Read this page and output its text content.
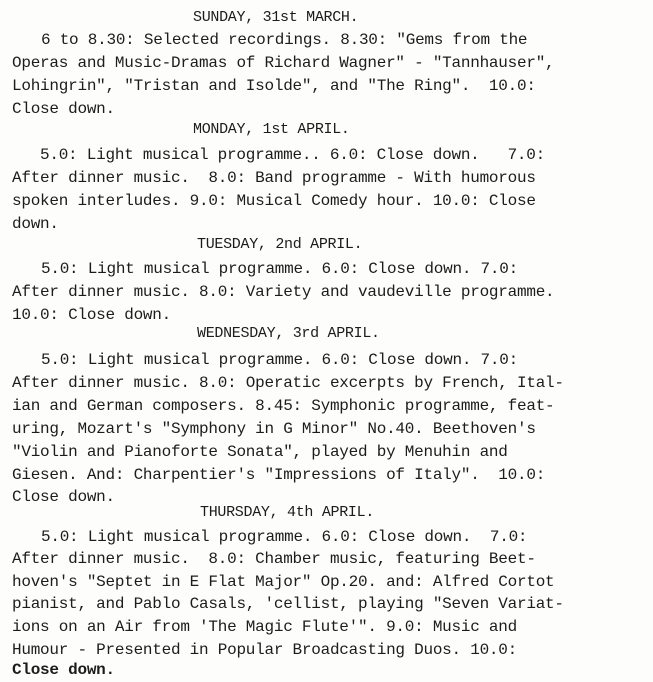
SUNDAY, 31st MARCH.
6 to 8.30: Selected recordings. 8.30: "Gems from the
Operas and Music-Dramas of Richard Wagner" - "Tannhauser",
Lohingrin", "Tristan and Isolde", and "The Ring".  10.0:
Close down.
MONDAY, 1st APRIL.
5.0: Light musical programme.. 6.0: Close down.   7.0:
After dinner music.  8.0: Band programme - With humorous
spoken interludes. 9.0: Musical Comedy hour. 10.0: Close
down.
TUESDAY, 2nd APRIL.
5.0: Light musical programme. 6.0: Close down. 7.0:
After dinner music. 8.0: Variety and vaudeville programme.
10.0: Close down.
WEDNESDAY, 3rd APRIL.
5.0: Light musical programme. 6.0: Close down. 7.0:
After dinner music. 8.0: Operatic excerpts by French, Ital-
ian and German composers. 8.45: Symphonic programme, feat-
uring, Mozart's "Symphony in G Minor" No.40. Beethoven's
"Violin and Pianoforte Sonata", played by Menuhin and
Giesen. And: Charpentier's "Impressions of Italy".  10.0:
Close down.
THURSDAY, 4th APRIL.
5.0: Light musical programme. 6.0: Close down.  7.0:
After dinner music.  8.0: Chamber music, featuring Beet-
hoven's "Septet in E Flat Major" Op.20. and: Alfred Cortot
pianist, and Pablo Casals, 'cellist, playing "Seven Variat-
ions on an Air from 'The Magic Flute'". 9.0: Music and
Humour - Presented in Popular Broadcasting Duos. 10.0:
Close down.
